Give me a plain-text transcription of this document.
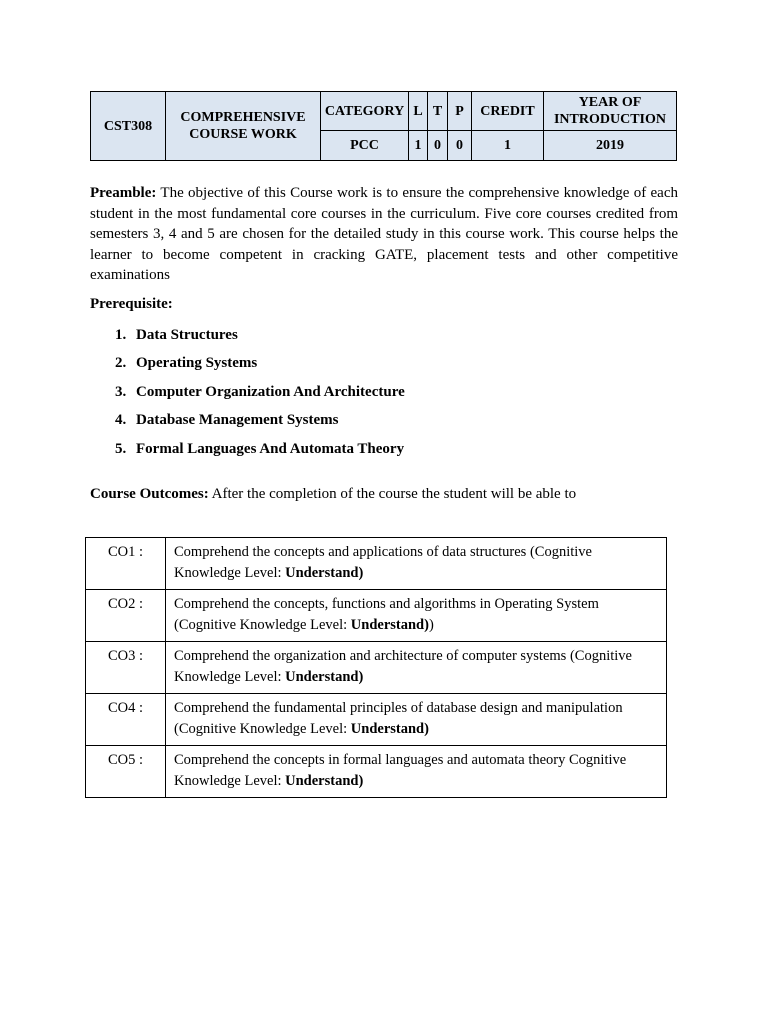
CST308	COMPREHENSIVE COURSE WORK	CATEGORY	L	T	P	CREDIT	YEAR OF INTRODUCTION
		PCC	1	0	0	1	2019

Preamble: The objective of this Course work is to ensure the comprehensive knowledge of each student in the most fundamental core courses in the curriculum. Five core courses credited from semesters 3, 4 and 5 are chosen for the detailed study in this course work. This course helps the learner to become competent in cracking GATE, placement tests and other competitive examinations

Prerequisite:
1. Data Structures
2. Operating Systems
3. Computer Organization And Architecture
4. Database Management Systems
5. Formal Languages And Automata Theory

Course Outcomes: After the completion of the course the student will be able to

CO1 :	Comprehend the concepts and applications of data structures (Cognitive Knowledge Level: Understand)
CO2 :	Comprehend the concepts, functions and algorithms in Operating System (Cognitive Knowledge Level: Understand))
CO3 :	Comprehend the organization and architecture of computer systems (Cognitive Knowledge Level: Understand)
CO4 :	Comprehend the fundamental principles of database design and manipulation (Cognitive Knowledge Level: Understand)
CO5 :	Comprehend the concepts in formal languages and automata theory Cognitive Knowledge Level: Understand)
